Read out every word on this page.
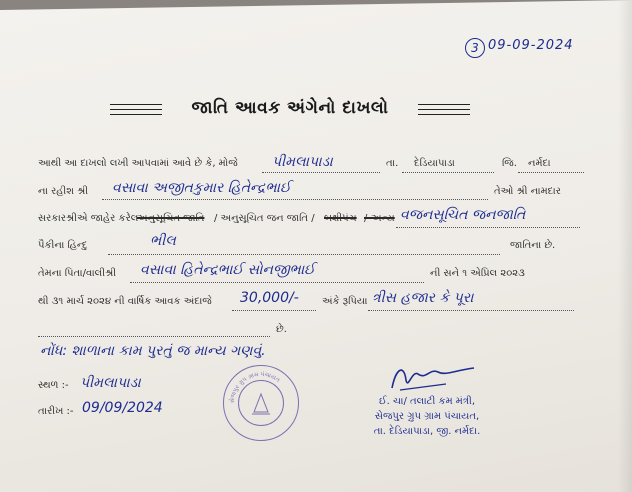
3 09-09-2024
જાતિ આવક અંગેનો દાખલો
આથી આ દાખલો લખી આપવામાં આવે છે કે, મોજે પીમલાપાડા	તા. દેડિયાપાડા	જિ. નર્મદા
ના રહીશ શ્રી વસાવા અજીતકુમાર હિતેન્દ્રભાઈ	તેઓ શ્રી નામદાર
સરકારશ્રીએ જાહેર કરેલ
અનુસૂચિત જાતિ / અનુસૂચિત જન જાતિ / બક્ષીપંચ /-અન્ય વજનસૂચિત જનજાતિ
પૈકીના હિન્દુ	ભીલ	જાતિના છે.
તેમના પિતા/વાલીશ્રી વસાવા હિતેન્દ્રભાઈ સોનજીભાઈ	ની સને ૧ એપ્રિલ ૨૦૨૩
થી ૩૧ માર્ચ ૨૦૨૪ ની વાર્ષિક આવક અંદાજે 30,000/- અંકે રૂપિયા ત્રીસ હજાર કે પૂરા
છે.
નોંધ: શાળાના કામ પુરતું જ માન્ય ગણવું.
સ્થળ :- પીમલાપાડા
તારીખ :- 09/09/2024	સેજપુર ગ્રુપ ગ્રામ પંચાયત
ઈ. ચા/ તલાટી કમ મંત્રી,
સેજપુર ગ્રુપ ગ્રામ પંચાયત,
તા. દેડિયાપાડા, જી. નર્મદા.
